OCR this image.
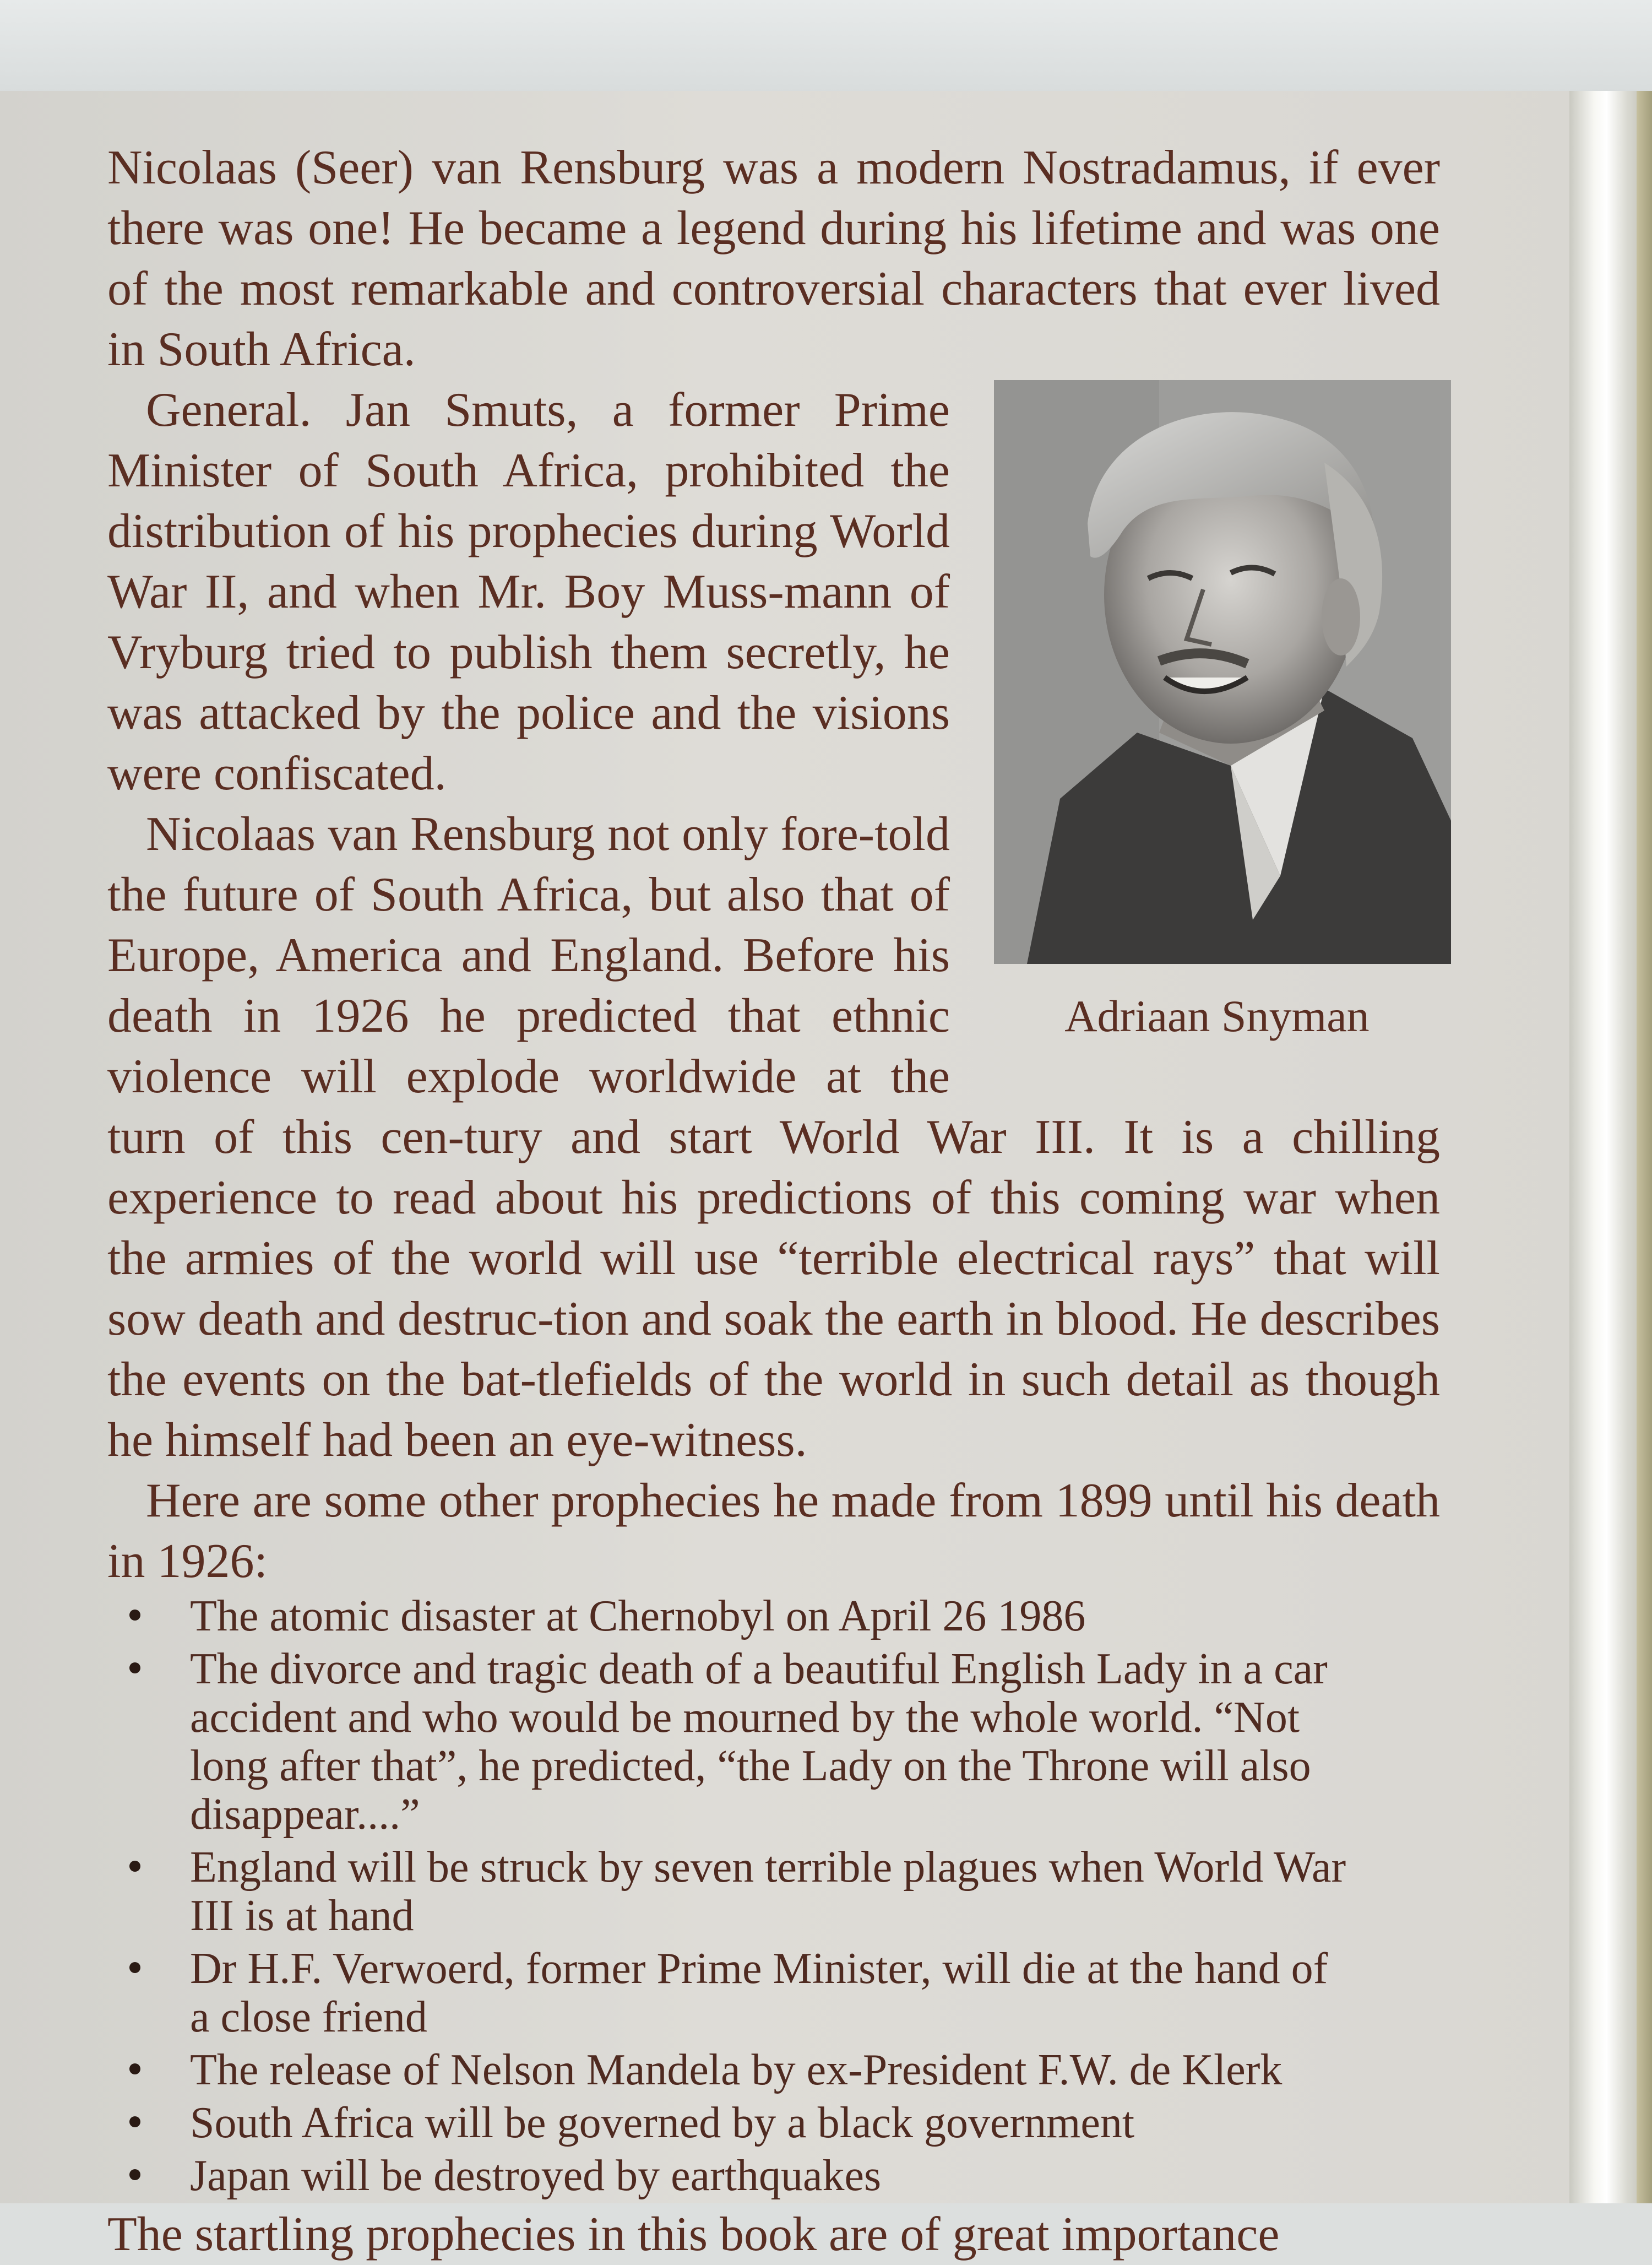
Nicolaas (Seer) van Rensburg was a modern Nostradamus, if ever there was one! He became a legend during his lifetime and was one of the most remarkable and controversial characters that ever lived in South Africa.

Adriaan Snyman

General. Jan Smuts, a former Prime Minister of South Africa, prohibited the distribution of his prophecies during World War II, and when Mr. Boy Muss-mann of Vryburg tried to publish them secretly, he was attacked by the police and the visions were confiscated.

Nicolaas van Rensburg not only fore-told the future of South Africa, but also that of Europe, America and England. Before his death in 1926 he predicted that ethnic violence will explode worldwide at the turn of this cen-tury and start World War III. It is a chilling experience to read about his predictions of this coming war when the armies of the world will use “terrible electrical rays” that will sow death and destruc-tion and soak the earth in blood. He describes the events on the bat-tlefields of the world in such detail as though he himself had been an eye-witness.

Here are some other prophecies he made from 1899 until his death in 1926:

The atomic disaster at Chernobyl on April 26 1986
The divorce and tragic death of a beautiful English Lady in a car accident and who would be mourned by the whole world. “Not long after that”, he predicted, “the Lady on the Throne will also disappear....”
England will be struck by seven terrible plagues when World War III is at hand
Dr H.F. Verwoerd, former Prime Minister, will die at the hand of a close friend
The release of Nelson Mandela by ex-President F.W. de Klerk
South Africa will be governed by a black government
Japan will be destroyed by earthquakes
The startling prophecies in this book are of great importance
